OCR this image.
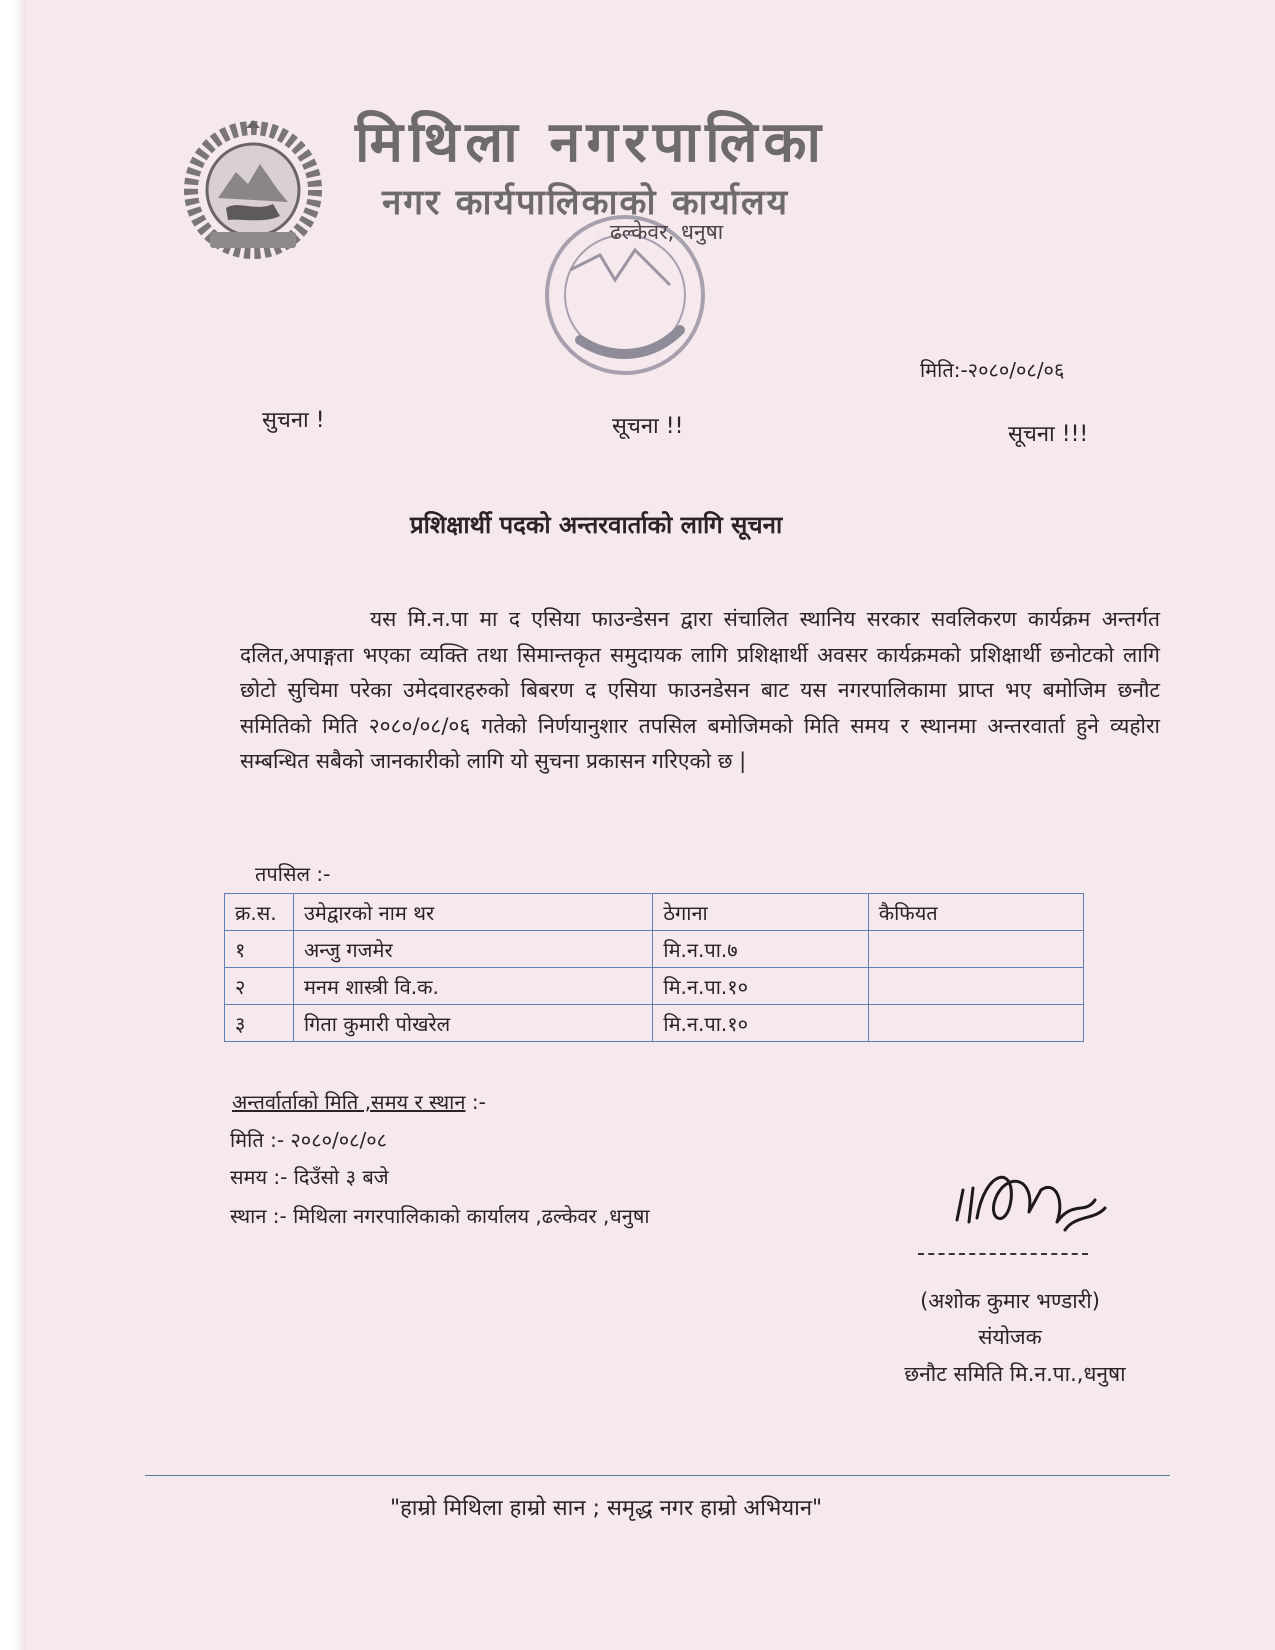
मिथिला नगरपालिका
नगर कार्यपालिकाको कार्यालय
ढल्केवर, धनुषा
मिति:-२०८०/०८/०६
सुचना !	सूचना !!	सूचना !!!
प्रशिक्षार्थी पदको अन्तरवार्ताको लागि सूचना
यस मि.न.पा मा द एसिया फाउन्डेसन द्वारा संचालित स्थानिय सरकार सवलिकरण कार्यक्रम अन्तर्गत दलित,अपाङ्गता भएका व्यक्ति तथा सिमान्तकृत समुदायक लागि प्रशिक्षार्थी अवसर कार्यक्रमको प्रशिक्षार्थी छनोटको लागि छोटो सुचिमा परेका उमेदवारहरुको बिबरण द एसिया फाउनडेसन बाट यस नगरपालिकामा प्राप्त भए बमोजिम छनौट समितिको मिति २०८०/०८/०६ गतेको निर्णयानुशार तपसिल बमोजिमको मिति समय र स्थानमा अन्तरवार्ता हुने व्यहोरा सम्बन्धित सबैको जानकारीको लागि यो सुचना प्रकासन गरिएको छ |
तपसिल :-
क्र.स.	उमेद्वारको नाम थर	ठेगाना	कैफियत
१	अन्जु गजमेर	मि.न.पा.७	
२	मनम शास्त्री वि.क.	मि.न.पा.१०	
३	गिता कुमारी पोखरेल	मि.न.पा.१०	
अन्तर्वार्ताको मिति ,समय र स्थान :-
मिति :- २०८०/०८/०८
समय :- दिउँसो ३ बजे
स्थान :- मिथिला नगरपालिकाको कार्यालय ,ढल्केवर ,धनुषा
(अशोक कुमार भण्डारी)
संयोजक
छनौट समिति मि.न.पा.,धनुषा
"हाम्रो मिथिला हाम्रो सान ; समृद्ध नगर हाम्रो अभियान"
